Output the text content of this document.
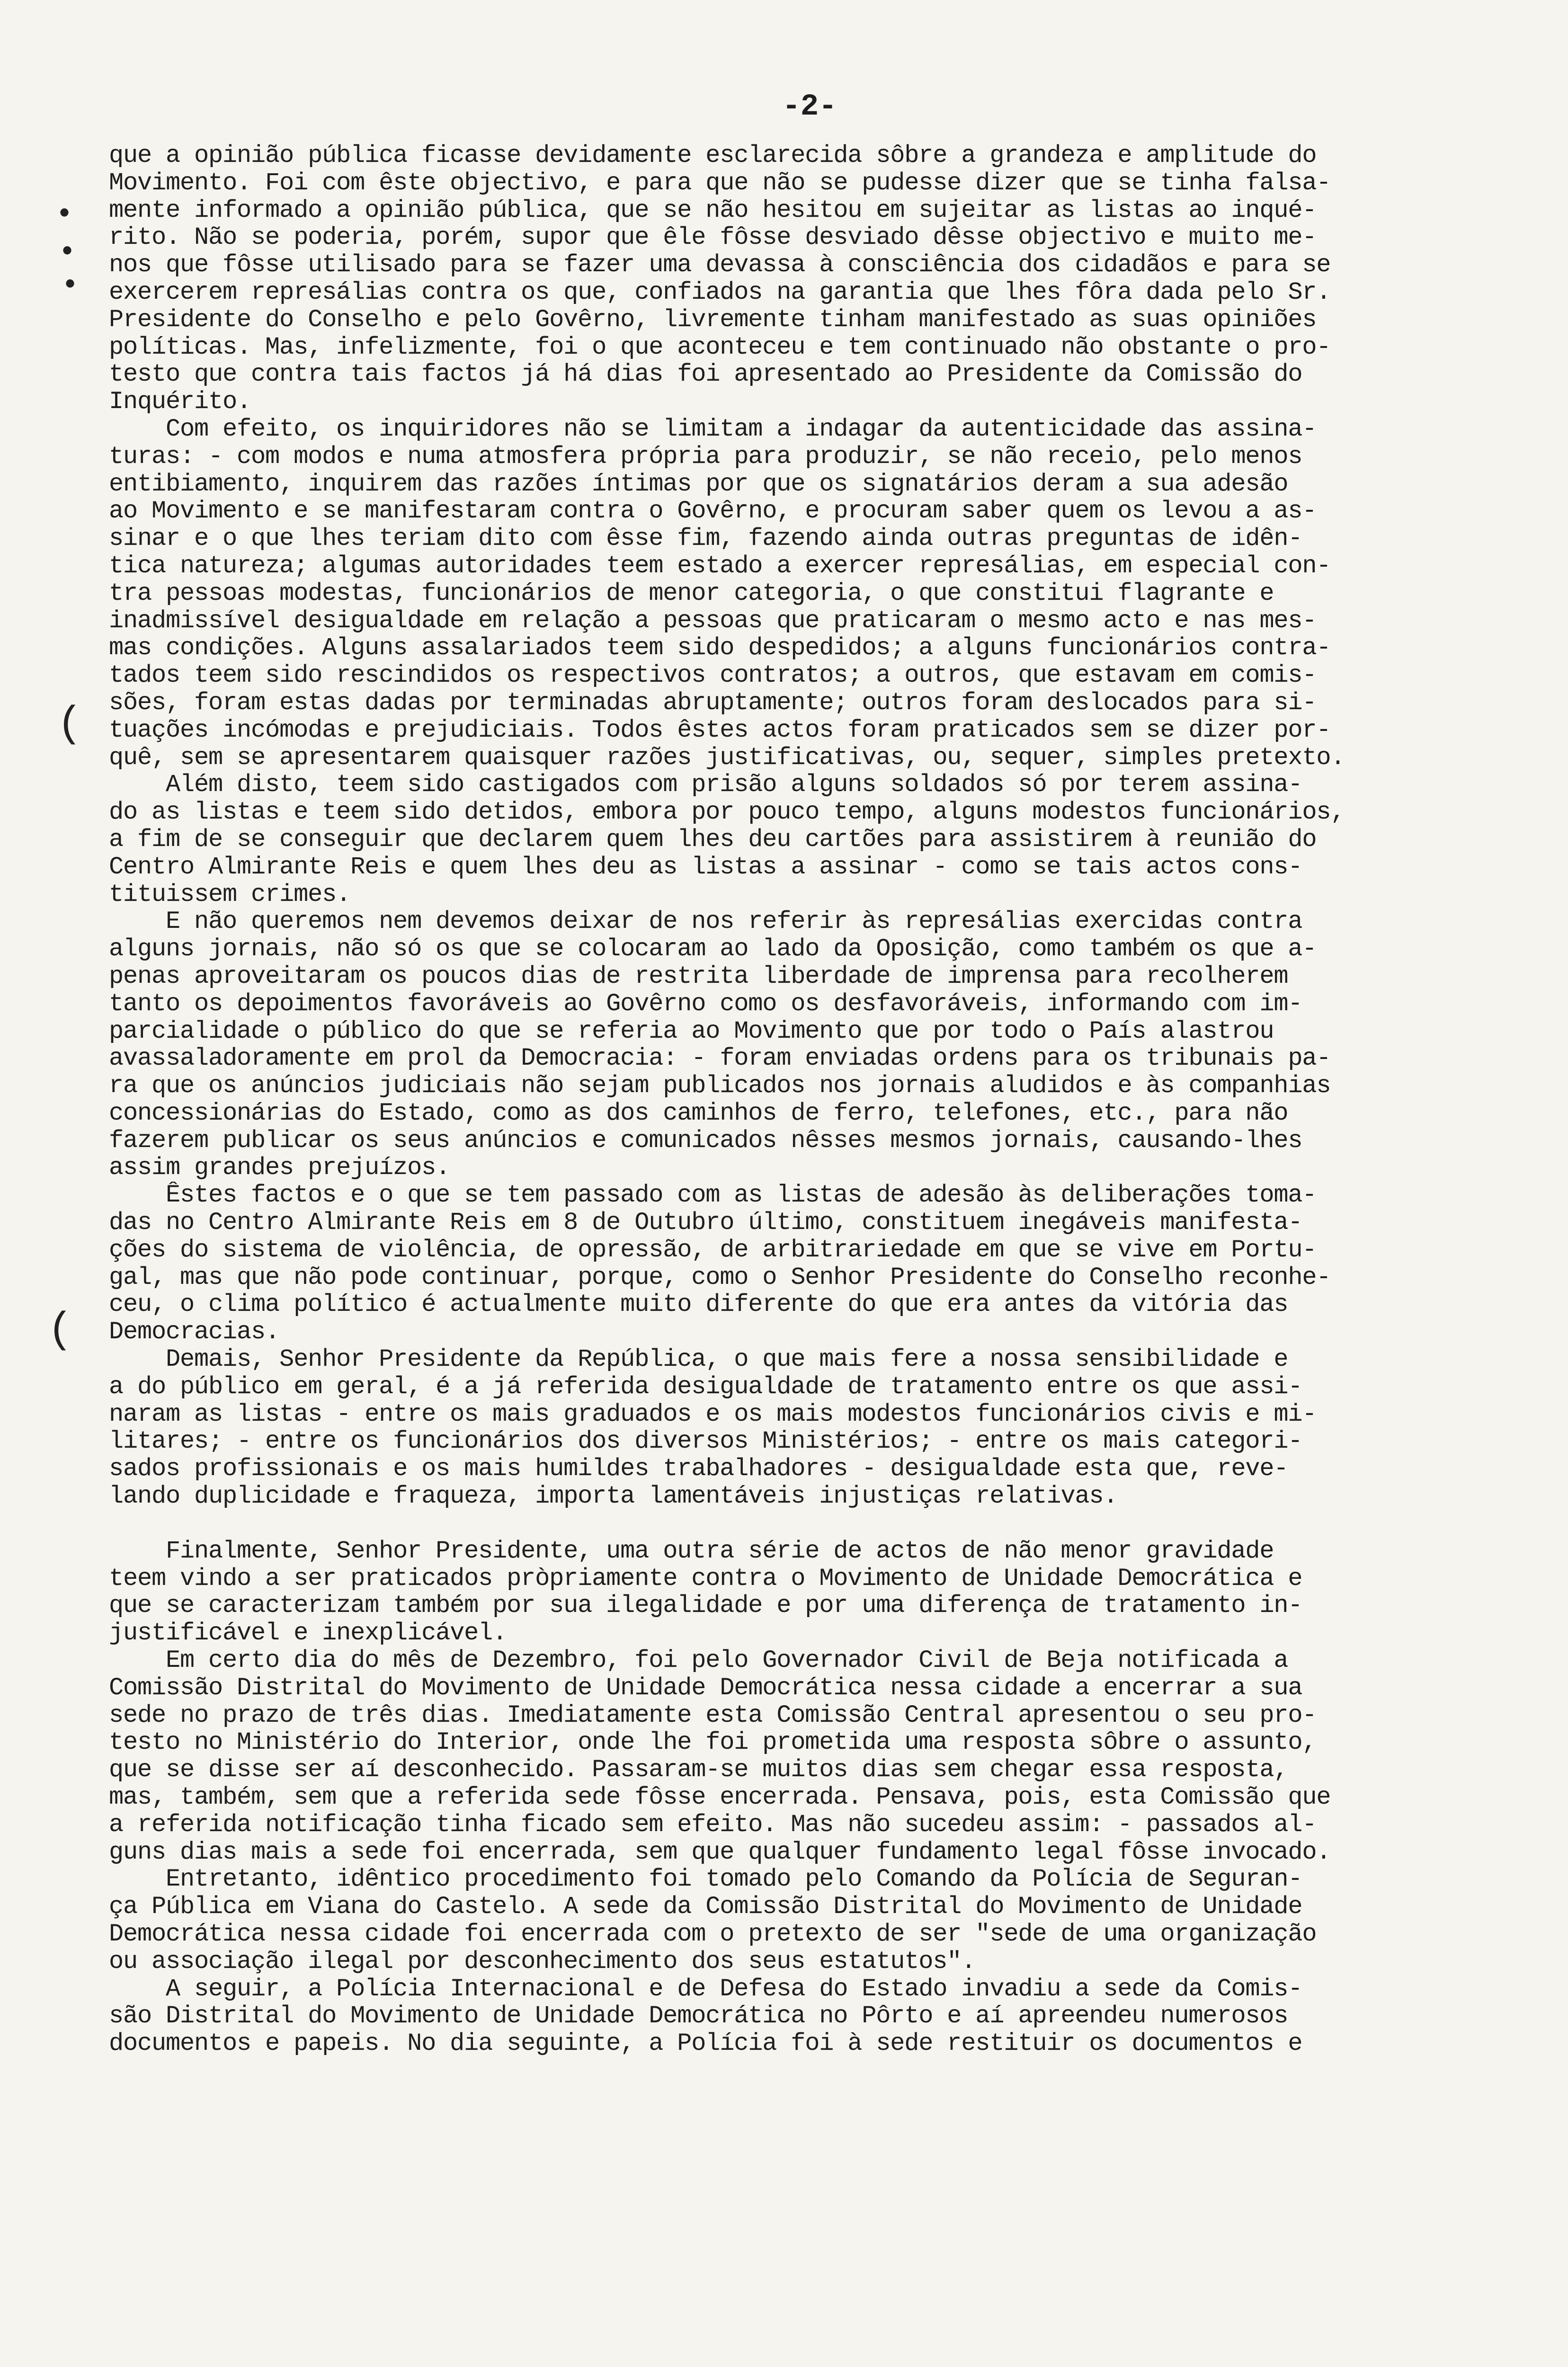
-2-
•
•
•
(
(
que a opinião pública ficasse devidamente esclarecida sôbre a grandeza e amplitude do
Movimento. Foi com êste objectivo, e para que não se pudesse dizer que se tinha falsa-
mente informado a opinião pública, que se não hesitou em sujeitar as listas ao inqué-
rito. Não se poderia, porém, supor que êle fôsse desviado dêsse objectivo e muito me-
nos que fôsse utilisado para se fazer uma devassa à consciência dos cidadãos e para se
exercerem represálias contra os que, confiados na garantia que lhes fôra dada pelo Sr.
Presidente do Conselho e pelo Govêrno, livremente tinham manifestado as suas opiniões
políticas. Mas, infelizmente, foi o que aconteceu e tem continuado não obstante o pro-
testo que contra tais factos já há dias foi apresentado ao Presidente da Comissão do
Inquérito.
Com efeito, os inquiridores não se limitam a indagar da autenticidade das assina-
turas: - com modos e numa atmosfera própria para produzir, se não receio, pelo menos
entibiamento, inquirem das razões íntimas por que os signatários deram a sua adesão
ao Movimento e se manifestaram contra o Govêrno, e procuram saber quem os levou a as-
sinar e o que lhes teriam dito com êsse fim, fazendo ainda outras preguntas de idên-
tica natureza; algumas autoridades teem estado a exercer represálias, em especial con-
tra pessoas modestas, funcionários de menor categoria, o que constitui flagrante e
inadmissível desigualdade em relação a pessoas que praticaram o mesmo acto e nas mes-
mas condições. Alguns assalariados teem sido despedidos; a alguns funcionários contra-
tados teem sido rescindidos os respectivos contratos; a outros, que estavam em comis-
sões, foram estas dadas por terminadas abruptamente; outros foram deslocados para si-
tuações incómodas e prejudiciais. Todos êstes actos foram praticados sem se dizer por-
quê, sem se apresentarem quaisquer razões justificativas, ou, sequer, simples pretexto.
Além disto, teem sido castigados com prisão alguns soldados só por terem assina-
do as listas e teem sido detidos, embora por pouco tempo, alguns modestos funcionários,
a fim de se conseguir que declarem quem lhes deu cartões para assistirem à reunião do
Centro Almirante Reis e quem lhes deu as listas a assinar - como se tais actos cons-
tituissem crimes.
E não queremos nem devemos deixar de nos referir às represálias exercidas contra
alguns jornais, não só os que se colocaram ao lado da Oposição, como também os que a-
penas aproveitaram os poucos dias de restrita liberdade de imprensa para recolherem
tanto os depoimentos favoráveis ao Govêrno como os desfavoráveis, informando com im-
parcialidade o público do que se referia ao Movimento que por todo o País alastrou
avassaladoramente em prol da Democracia: - foram enviadas ordens para os tribunais pa-
ra que os anúncios judiciais não sejam publicados nos jornais aludidos e às companhias
concessionárias do Estado, como as dos caminhos de ferro, telefones, etc., para não
fazerem publicar os seus anúncios e comunicados nêsses mesmos jornais, causando-lhes
assim grandes prejuízos.
Êstes factos e o que se tem passado com as listas de adesão às deliberações toma-
das no Centro Almirante Reis em 8 de Outubro último, constituem inegáveis manifesta-
ções do sistema de violência, de opressão, de arbitrariedade em que se vive em Portu-
gal, mas que não pode continuar, porque, como o Senhor Presidente do Conselho reconhe-
ceu, o clima político é actualmente muito diferente do que era antes da vitória das
Democracias.
Demais, Senhor Presidente da República, o que mais fere a nossa sensibilidade e
a do público em geral, é a já referida desigualdade de tratamento entre os que assi-
naram as listas - entre os mais graduados e os mais modestos funcionários civis e mi-
litares; - entre os funcionários dos diversos Ministérios; - entre os mais categori-
sados profissionais e os mais humildes trabalhadores - desigualdade esta que, reve-
lando duplicidade e fraqueza, importa lamentáveis injustiças relativas.
Finalmente, Senhor Presidente, uma outra série de actos de não menor gravidade
teem vindo a ser praticados pròpriamente contra o Movimento de Unidade Democrática e
que se caracterizam também por sua ilegalidade e por uma diferença de tratamento in-
justificável e inexplicável.
Em certo dia do mês de Dezembro, foi pelo Governador Civil de Beja notificada a
Comissão Distrital do Movimento de Unidade Democrática nessa cidade a encerrar a sua
sede no prazo de três dias. Imediatamente esta Comissão Central apresentou o seu pro-
testo no Ministério do Interior, onde lhe foi prometida uma resposta sôbre o assunto,
que se disse ser aí desconhecido. Passaram-se muitos dias sem chegar essa resposta,
mas, também, sem que a referida sede fôsse encerrada. Pensava, pois, esta Comissão que
a referida notificação tinha ficado sem efeito. Mas não sucedeu assim: - passados al-
guns dias mais a sede foi encerrada, sem que qualquer fundamento legal fôsse invocado.
Entretanto, idêntico procedimento foi tomado pelo Comando da Polícia de Seguran-
ça Pública em Viana do Castelo. A sede da Comissão Distrital do Movimento de Unidade
Democrática nessa cidade foi encerrada com o pretexto de ser "sede de uma organização
ou associação ilegal por desconhecimento dos seus estatutos".
A seguir, a Polícia Internacional e de Defesa do Estado invadiu a sede da Comis-
são Distrital do Movimento de Unidade Democrática no Pôrto e aí apreendeu numerosos
documentos e papeis. No dia seguinte, a Polícia foi à sede restituir os documentos e
